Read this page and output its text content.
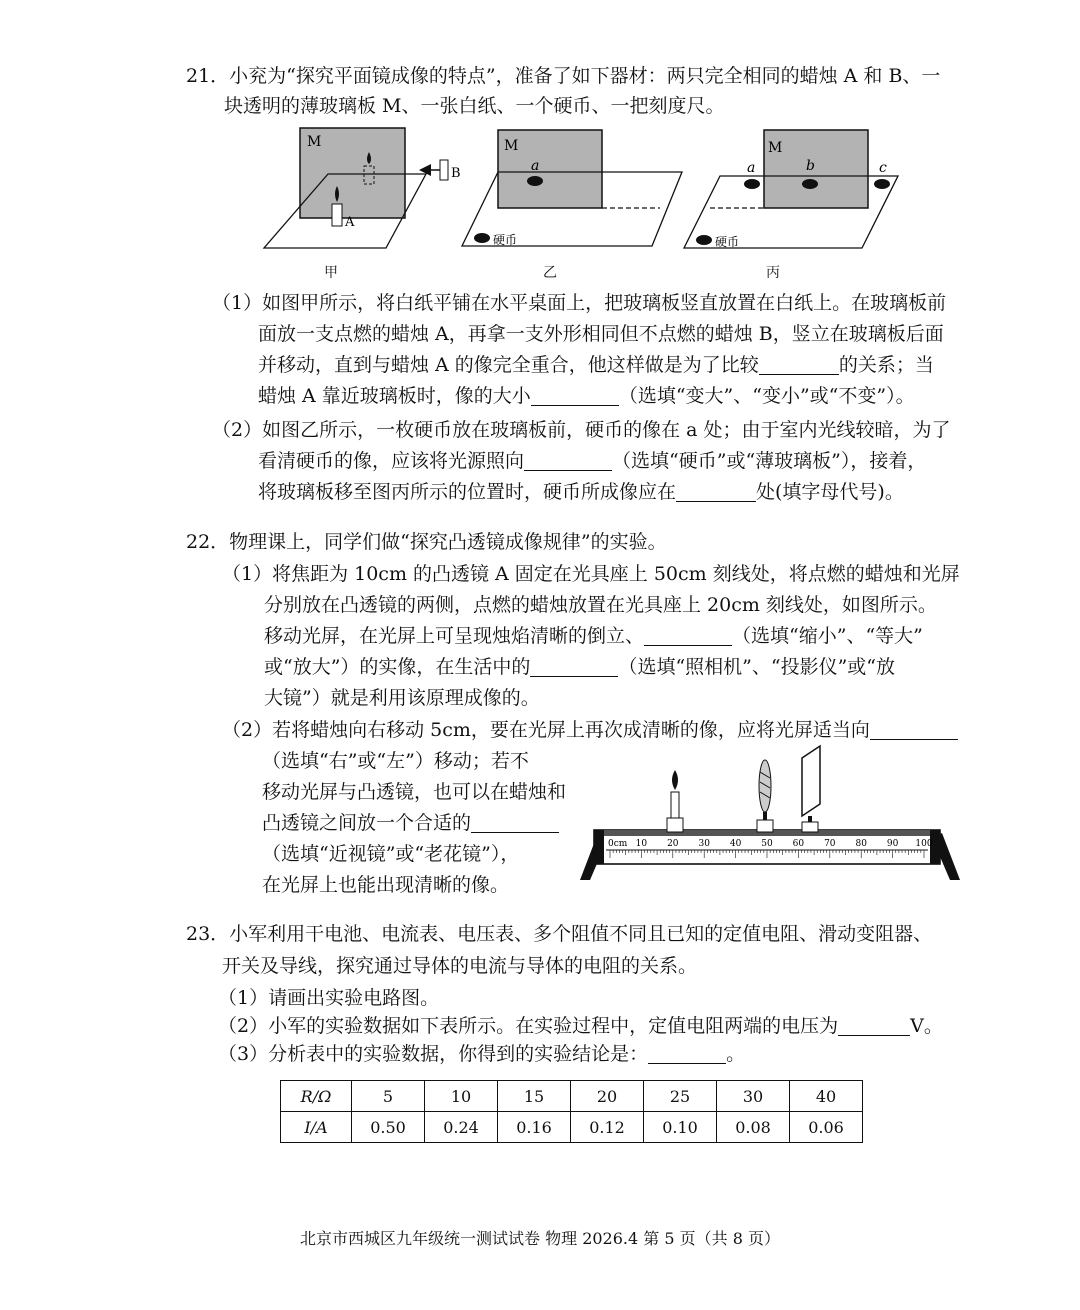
21．小兖为“探究平面镜成像的特点”，准备了如下器材：两只完全相同的蜡烛 A 和 B、一
块透明的薄玻璃板 M、一张白纸、一个硬币、一把刻度尺。
M
B
A
M
a
硬币
M
a	b	c
硬币
甲	乙	丙
（1）如图甲所示，将白纸平铺在水平桌面上，把玻璃板竖直放置在白纸上。在玻璃板前
面放一支点燃的蜡烛 A，再拿一支外形相同但不点燃的蜡烛 B，竖立在玻璃板后面
并移动，直到与蜡烛 A 的像完全重合，他这样做是为了比较	的关系；当
蜡烛 A 靠近玻璃板时，像的大小	（选填“变大”、“变小”或“不变”）。
（2）如图乙所示，一枚硬币放在玻璃板前，硬币的像在 a 处；由于室内光线较暗，为了
看清硬币的像，应该将光源照向	（选填“硬币”或“薄玻璃板”），接着，
将玻璃板移至图丙所示的位置时，硬币所成像应在	处(填字母代号)。
22．物理课上，同学们做“探究凸透镜成像规律”的实验。
（1）将焦距为 10cm 的凸透镜 A 固定在光具座上 50cm 刻线处，将点燃的蜡烛和光屏
分别放在凸透镜的两侧，点燃的蜡烛放置在光具座上 20cm 刻线处，如图所示。
移动光屏，在光屏上可呈现烛焰清晰的倒立、	（选填“缩小”、“等大”
或“放大”）的实像，在生活中的	（选填“照相机”、“投影仪”或“放
大镜”）就是利用该原理成像的。
（2）若将蜡烛向右移动 5cm，要在光屏上再次成清晰的像，应将光屏适当向
（选填“右”或“左”）移动；若不
移动光屏与凸透镜，也可以在蜡烛和
凸透镜之间放一个合适的
（选填“近视镜”或“老花镜”），
在光屏上也能出现清晰的像。
0cm 10 20 30 40 50 60 70 80 90 100
23．小军利用干电池、电流表、电压表、多个阻值不同且已知的定值电阻、滑动变阻器、
开关及导线，探究通过导体的电流与导体的电阻的关系。
（1）请画出实验电路图。
（2）小军的实验数据如下表所示。在实验过程中，定值电阻两端的电压为	V。
（3）分析表中的实验数据，你得到的实验结论是：	。
R/Ω	5	10	15	20	25	30	40
I/A	0.50	0.24	0.16	0.12	0.10	0.08	0.06
北京市西城区九年级统一测试试卷 物理 2026.4 第 5 页（共 8 页）
